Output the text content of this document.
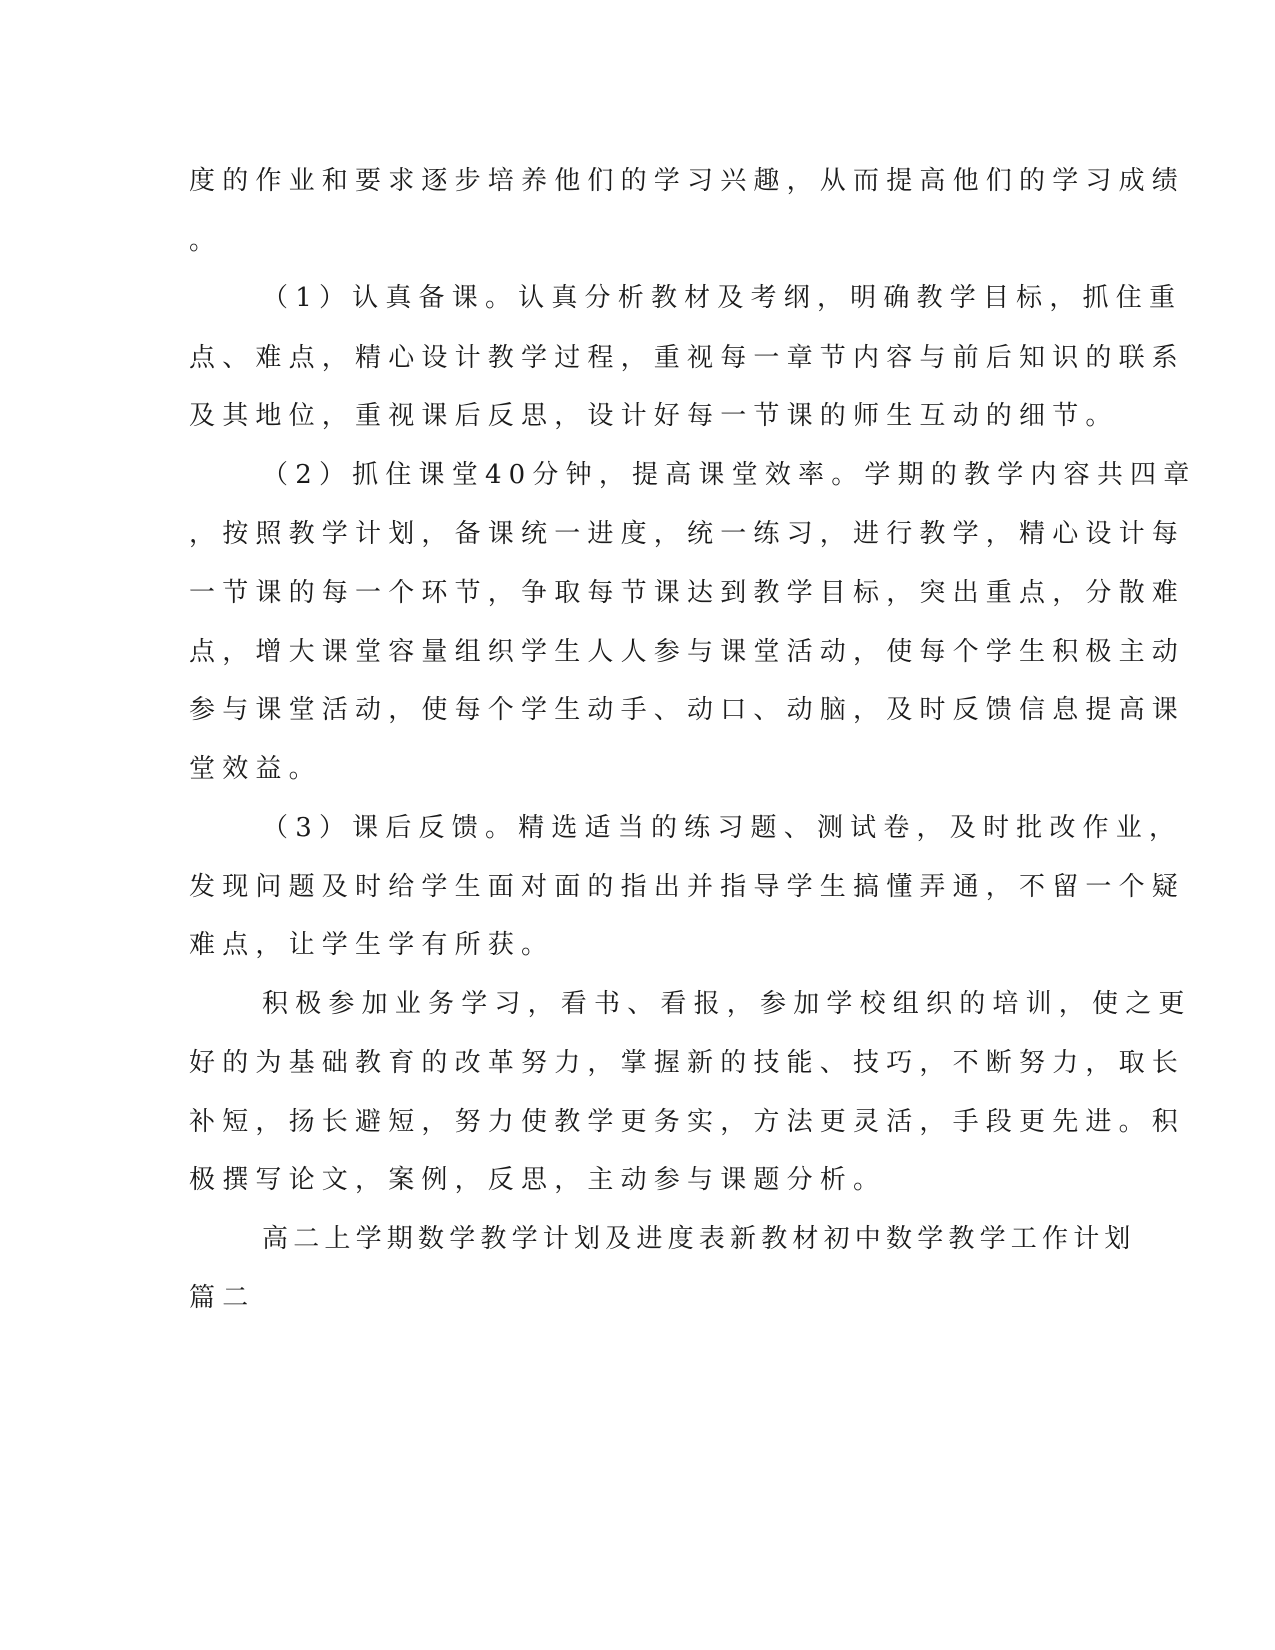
度的作业和要求逐步培养他们的学习兴趣，从而提高他们的学习成绩
。
（1）认真备课。认真分析教材及考纲，明确教学目标，抓住重
点、难点，精心设计教学过程，重视每一章节内容与前后知识的联系
及其地位，重视课后反思，设计好每一节课的师生互动的细节。
（2）抓住课堂40分钟，提高课堂效率。学期的教学内容共四章
，按照教学计划，备课统一进度，统一练习，进行教学，精心设计每
一节课的每一个环节，争取每节课达到教学目标，突出重点，分散难
点，增大课堂容量组织学生人人参与课堂活动，使每个学生积极主动
参与课堂活动，使每个学生动手、动口、动脑，及时反馈信息提高课
堂效益。
（3）课后反馈。精选适当的练习题、测试卷，及时批改作业，
发现问题及时给学生面对面的指出并指导学生搞懂弄通，不留一个疑
难点，让学生学有所获。
积极参加业务学习，看书、看报，参加学校组织的培训，使之更
好的为基础教育的改革努力，掌握新的技能、技巧，不断努力，取长
补短，扬长避短，努力使教学更务实，方法更灵活，手段更先进。积
极撰写论文，案例，反思，主动参与课题分析。
高二上学期数学教学计划及进度表新教材初中数学教学工作计划
篇二
